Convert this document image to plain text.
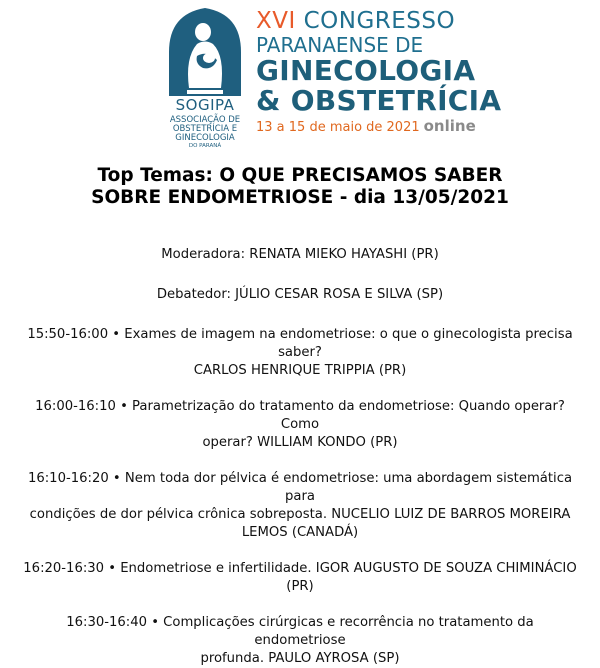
SOGIPA
ASSOCIAÇÃO DE
OBSTETRÍCIA E
GINECOLOGIA
DO PARANÁ
XVI CONGRESSO
PARANAENSE DE
GINECOLOGIA
& OBSTETRÍCIA
13 a 15 de maio de 2021 online
Top Temas: O QUE PRECISAMOS SABER
SOBRE ENDOMETRIOSE - dia 13/05/2021

Moderadora: RENATA MIEKO HAYASHI (PR)

Debatedor: JÚLIO CESAR ROSA E SILVA (SP)

15:50-16:00 • Exames de imagem na endometriose: o que o ginecologista precisa saber?

CARLOS HENRIQUE TRIPPIA (PR)

16:00-16:10 • Parametrização do tratamento da endometriose: Quando operar? Como

operar? WILLIAM KONDO (PR)

16:10-16:20 • Nem toda dor pélvica é endometriose: uma abordagem sistemática para

condições de dor pélvica crônica sobreposta. NUCELIO LUIZ DE BARROS MOREIRA

LEMOS (CANADÁ)

16:20-16:30 • Endometriose e infertilidade. IGOR AUGUSTO DE SOUZA CHIMINÁCIO (PR)

16:30-16:40 • Complicações cirúrgicas e recorrência no tratamento da endometriose

profunda. PAULO AYROSA (SP)
